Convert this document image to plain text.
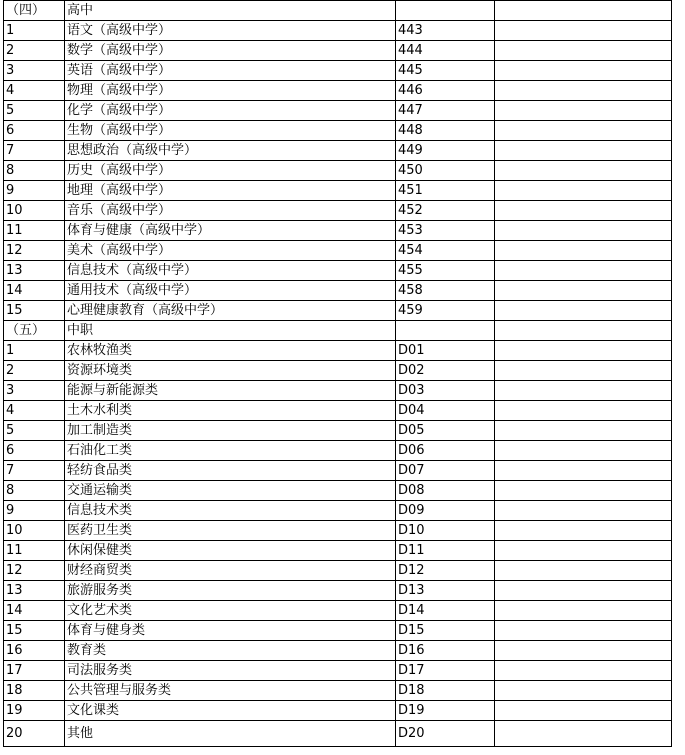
（四）	高中		
1	语文（高级中学）	443	
2	数学（高级中学）	444	
3	英语（高级中学）	445	
4	物理（高级中学）	446	
5	化学（高级中学）	447	
6	生物（高级中学）	448	
7	思想政治（高级中学）	449	
8	历史（高级中学）	450	
9	地理（高级中学）	451	
10	音乐（高级中学）	452	
11	体育与健康（高级中学）	453	
12	美术（高级中学）	454	
13	信息技术（高级中学）	455	
14	通用技术（高级中学）	458	
15	心理健康教育（高级中学）	459	
（五）	中职		
1	农林牧渔类	D01	
2	资源环境类	D02	
3	能源与新能源类	D03	
4	土木水利类	D04	
5	加工制造类	D05	
6	石油化工类	D06	
7	轻纺食品类	D07	
8	交通运输类	D08	
9	信息技术类	D09	
10	医药卫生类	D10	
11	休闲保健类	D11	
12	财经商贸类	D12	
13	旅游服务类	D13	
14	文化艺术类	D14	
15	体育与健身类	D15	
16	教育类	D16	
17	司法服务类	D17	
18	公共管理与服务类	D18	
19	文化课类	D19	
20	其他	D20	
